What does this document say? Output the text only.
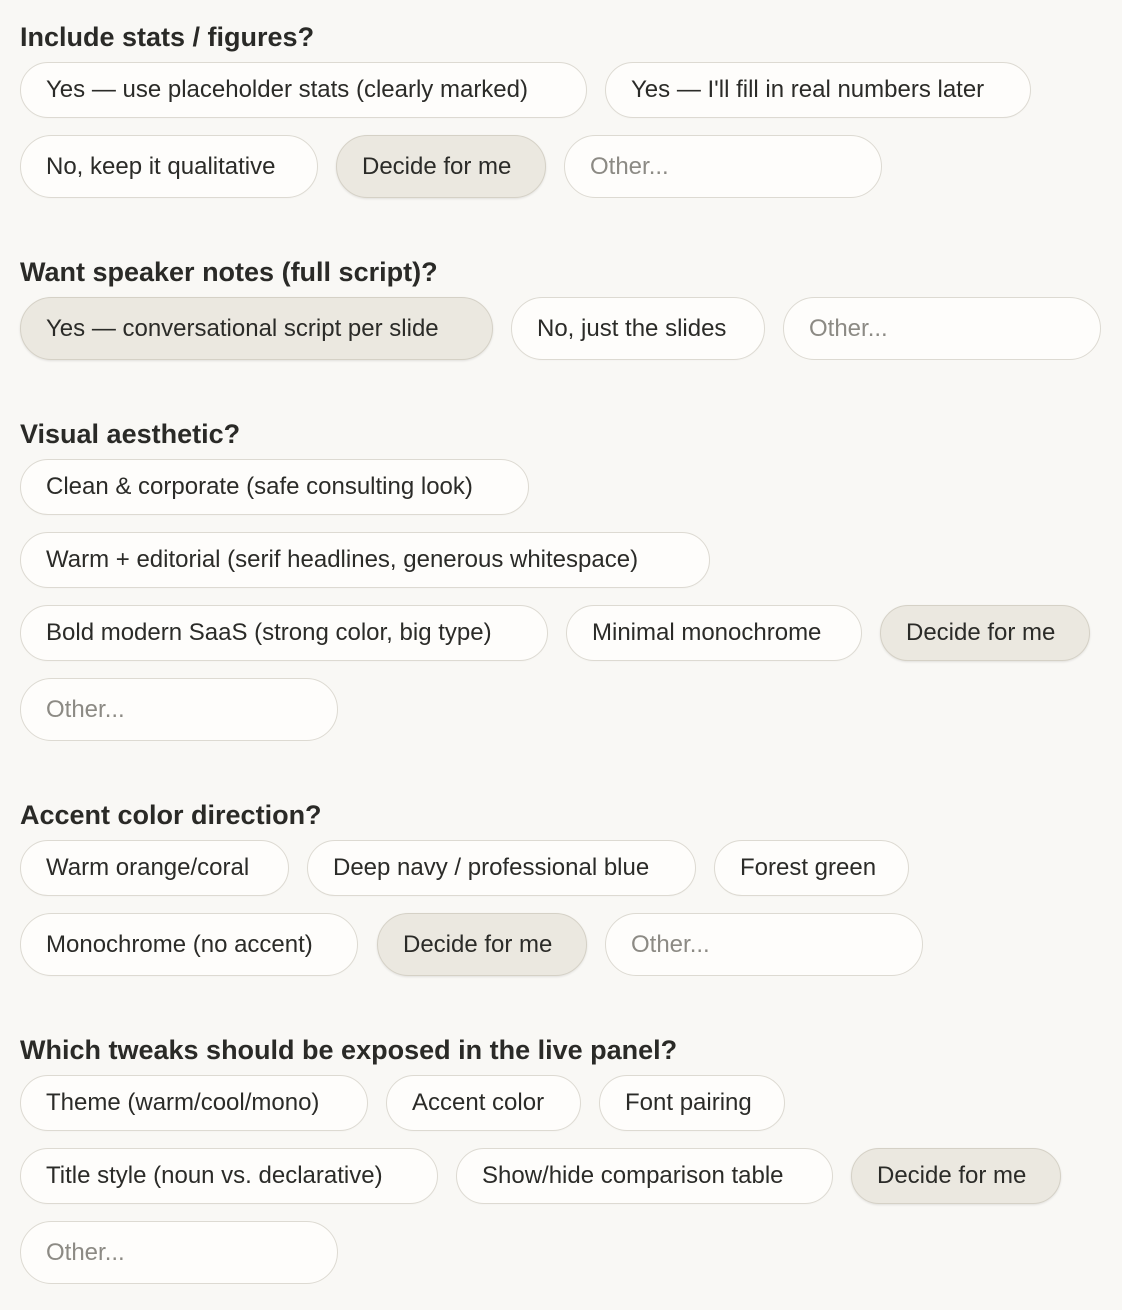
Include stats / figures?
Yes — use placeholder stats (clearly marked)	Yes — I'll fill in real numbers later
No, keep it qualitative	Decide for me
Other...
Want speaker notes (full script)?
Yes — conversational script per slide	No, just the slides
Other...
Visual aesthetic?
Clean & corporate (safe consulting look)
Warm + editorial (serif headlines, generous whitespace)
Bold modern SaaS (strong color, big type)	Minimal monochrome	Decide for me
Other...
Accent color direction?
Warm orange/coral	Deep navy / professional blue	Forest green
Monochrome (no accent)	Decide for me
Other...
Which tweaks should be exposed in the live panel?
Theme (warm/cool/mono)	Accent color	Font pairing
Title style (noun vs. declarative)	Show/hide comparison table	Decide for me
Other...
